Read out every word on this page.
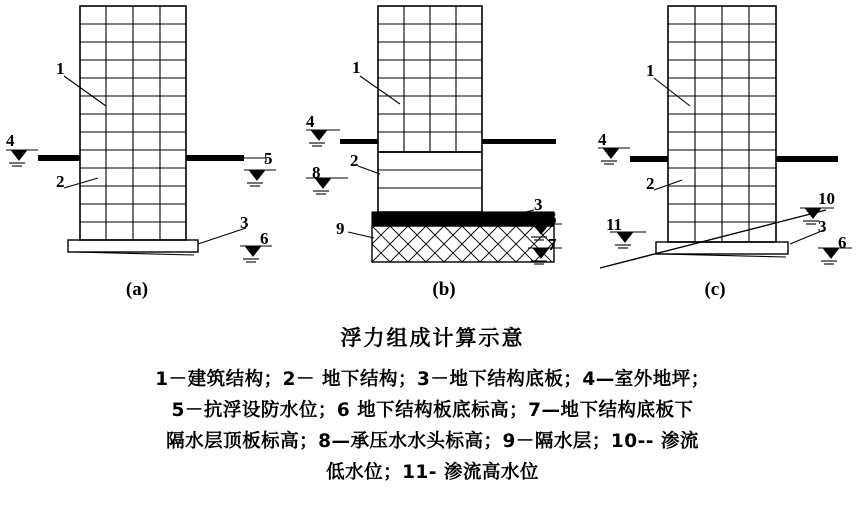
1
2
3
4
5
6
1
2
3
4
6
7
8
9
1
2
3
4
10
11
6
(a)	(b)	(c)
浮力组成计算示意
1－建筑结构；2－ 地下结构；3－地下结构底板；4—室外地坪；
5－抗浮设防水位；6 地下结构板底标高；7—地下结构底板下
隔水层顶板标高；8—承压水水头标高；9－隔水层；10-- 渗流
低水位；11- 渗流高水位
